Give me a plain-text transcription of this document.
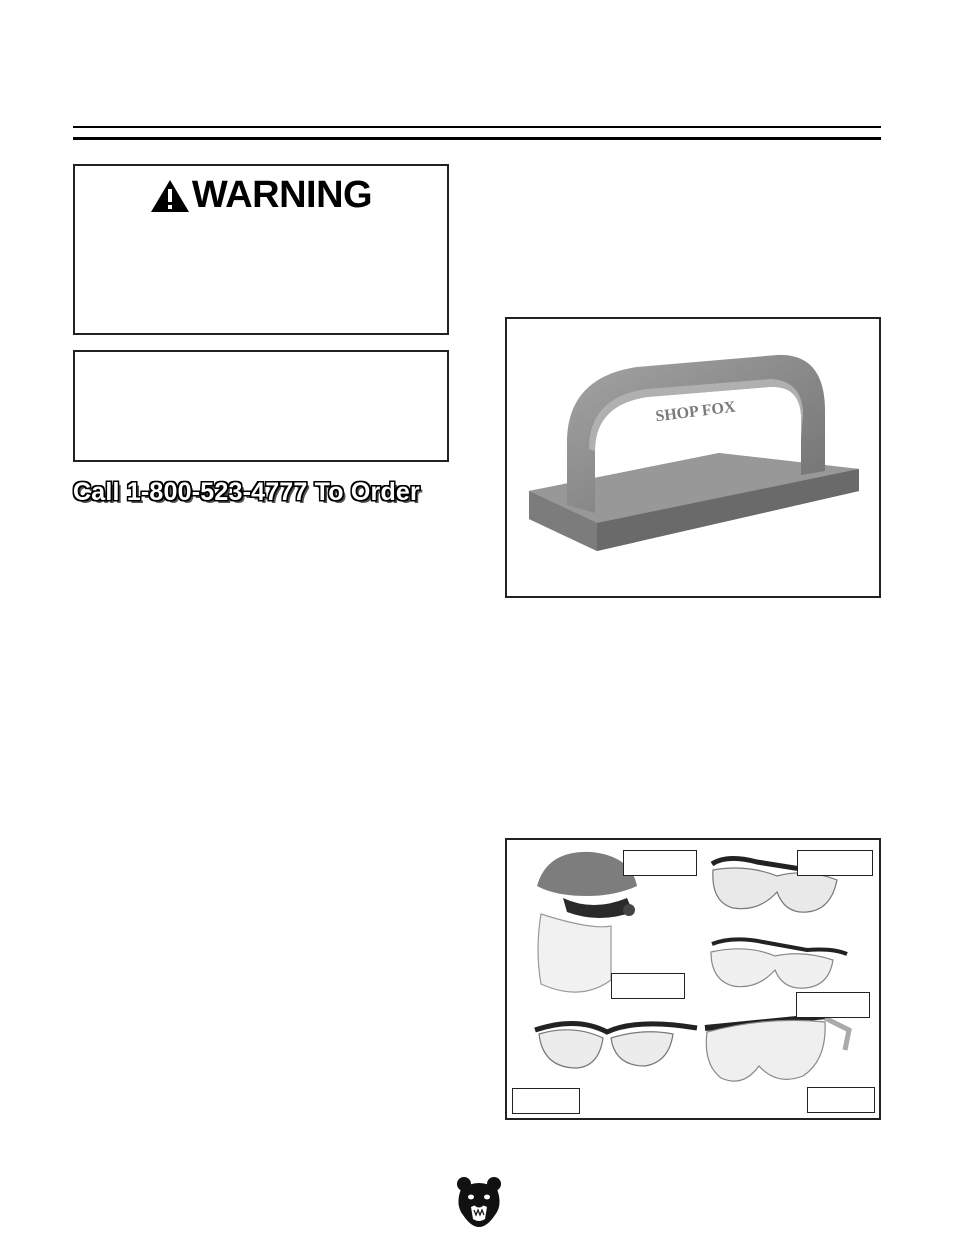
WARNING
Call 1-800-523-4777 To Order
SHOP FOX
